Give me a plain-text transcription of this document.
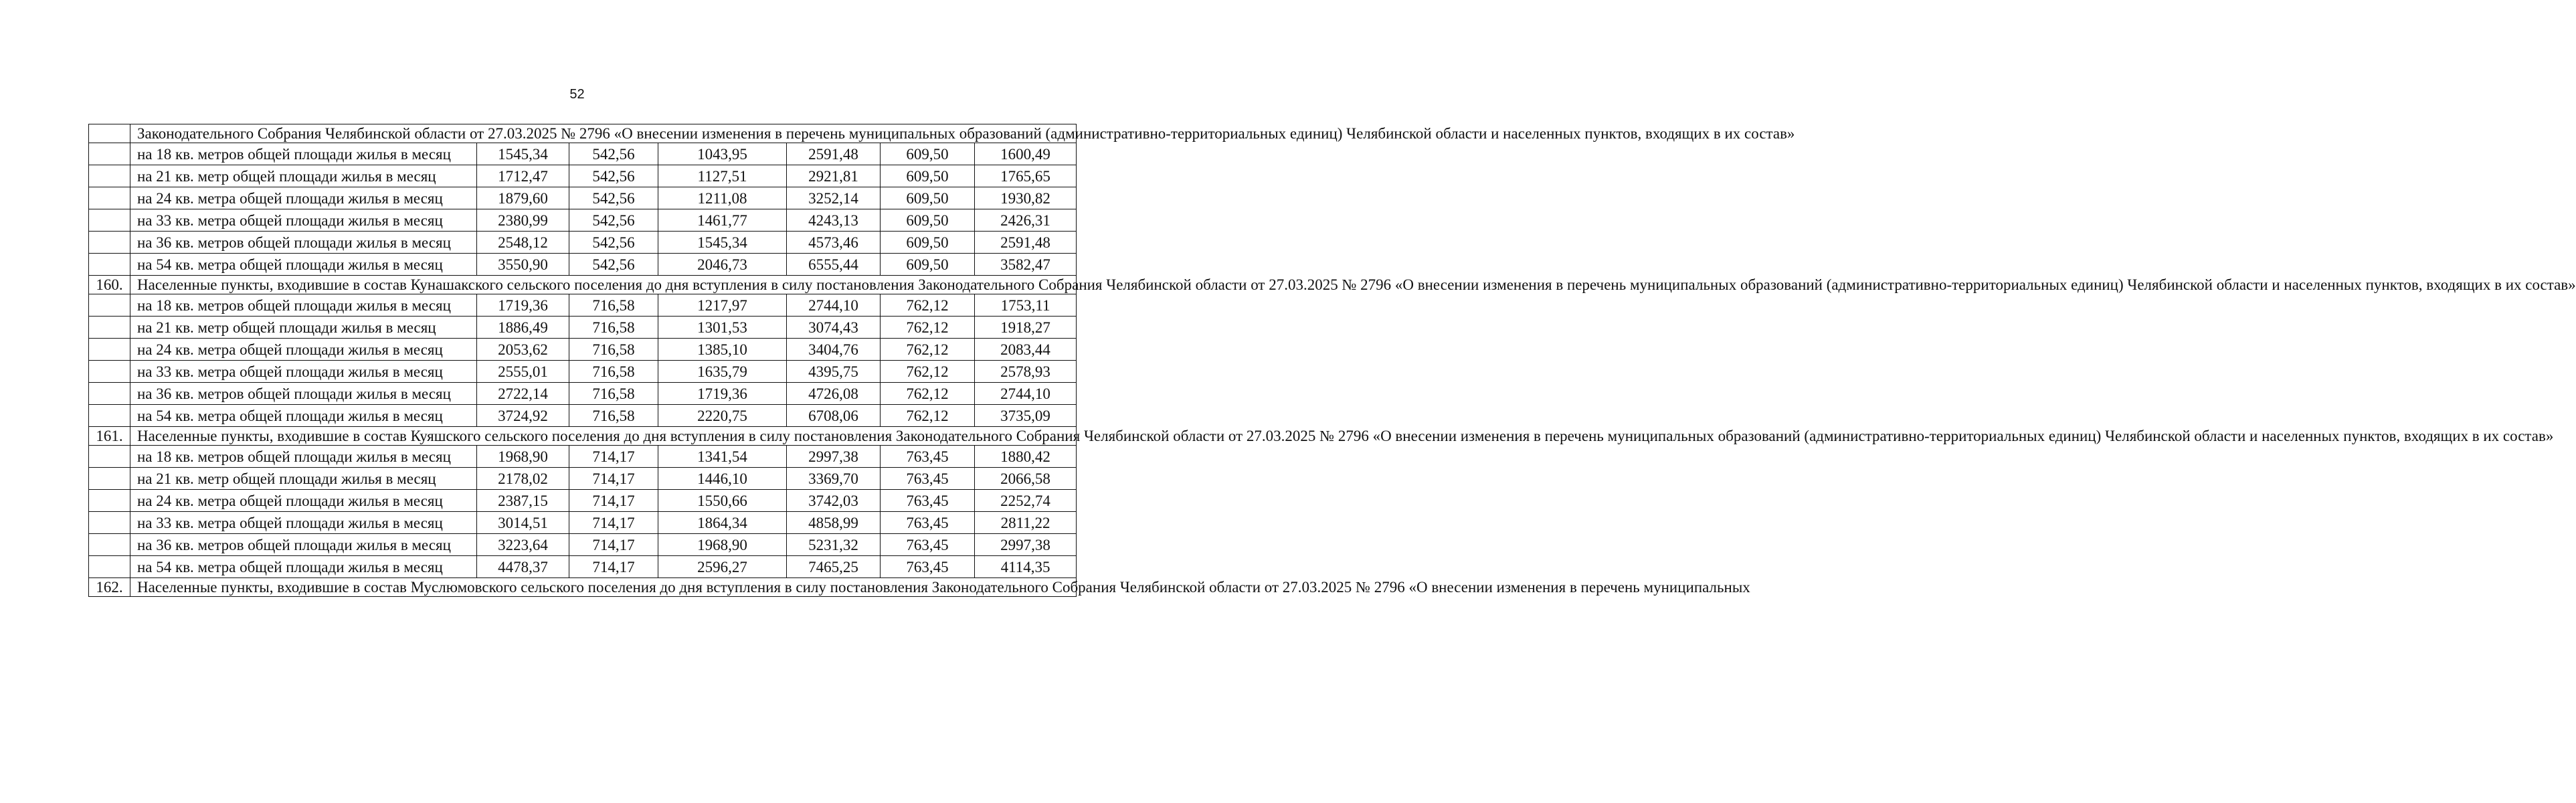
52
	Законодательного Собрания Челябинской области от 27.03.2025 № 2796 «О внесении изменения в перечень муниципальных образований (административно-территориальных единиц) Челябинской области и населенных пунктов, входящих в их состав»						
	на 18 кв. метров общей площади жилья в месяц	1545,34	542,56	1043,95	2591,48	609,50	1600,49
	на 21 кв. метр общей площади жилья в месяц	1712,47	542,56	1127,51	2921,81	609,50	1765,65
	на 24 кв. метра общей площади жилья в месяц	1879,60	542,56	1211,08	3252,14	609,50	1930,82
	на 33 кв. метра общей площади жилья в месяц	2380,99	542,56	1461,77	4243,13	609,50	2426,31
	на 36 кв. метров общей площади жилья в месяц	2548,12	542,56	1545,34	4573,46	609,50	2591,48
	на 54 кв. метра общей площади жилья в месяц	3550,90	542,56	2046,73	6555,44	609,50	3582,47
160.	Населенные пункты, входившие в состав Кунашакского сельского поселения до дня вступления в силу постановления Законодательного Собрания Челябинской области от 27.03.2025 № 2796 «О внесении изменения в перечень муниципальных образований (административно-территориальных единиц) Челябинской области и населенных пунктов, входящих в их состав»						
	на 18 кв. метров общей площади жилья в месяц	1719,36	716,58	1217,97	2744,10	762,12	1753,11
	на 21 кв. метр общей площади жилья в месяц	1886,49	716,58	1301,53	3074,43	762,12	1918,27
	на 24 кв. метра общей площади жилья в месяц	2053,62	716,58	1385,10	3404,76	762,12	2083,44
	на 33 кв. метра общей площади жилья в месяц	2555,01	716,58	1635,79	4395,75	762,12	2578,93
	на 36 кв. метров общей площади жилья в месяц	2722,14	716,58	1719,36	4726,08	762,12	2744,10
	на 54 кв. метра общей площади жилья в месяц	3724,92	716,58	2220,75	6708,06	762,12	3735,09
161.	Населенные пункты, входившие в состав Куяшского сельского поселения до дня вступления в силу постановления Законодательного Собрания Челябинской области от 27.03.2025 № 2796 «О внесении изменения в перечень муниципальных образований (административно-территориальных единиц) Челябинской области и населенных пунктов, входящих в их состав»						
	на 18 кв. метров общей площади жилья в месяц	1968,90	714,17	1341,54	2997,38	763,45	1880,42
	на 21 кв. метр общей площади жилья в месяц	2178,02	714,17	1446,10	3369,70	763,45	2066,58
	на 24 кв. метра общей площади жилья в месяц	2387,15	714,17	1550,66	3742,03	763,45	2252,74
	на 33 кв. метра общей площади жилья в месяц	3014,51	714,17	1864,34	4858,99	763,45	2811,22
	на 36 кв. метров общей площади жилья в месяц	3223,64	714,17	1968,90	5231,32	763,45	2997,38
	на 54 кв. метра общей площади жилья в месяц	4478,37	714,17	2596,27	7465,25	763,45	4114,35
162.	Населенные пункты, входившие в состав Муслюмовского сельского поселения до дня вступления в силу постановления Законодательного Собрания Челябинской области от 27.03.2025 № 2796 «О внесении изменения в перечень муниципальных						
